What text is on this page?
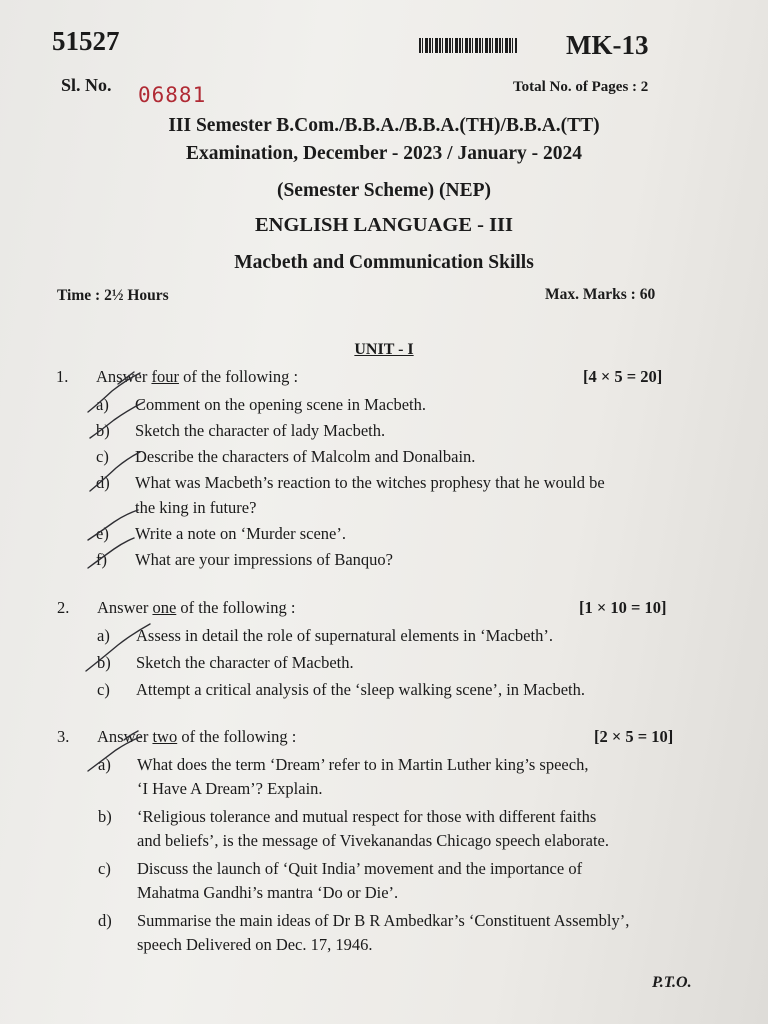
51527	MK-13
Sl. No. 06881	Total No. of Pages : 2
III Semester B.Com./B.B.A./B.B.A.(TH)/B.B.A.(TT)
Examination, December - 2023 / January - 2024
(Semester Scheme) (NEP)
ENGLISH LANGUAGE - III
Macbeth and Communication Skills
Time : 2½ Hours	Max. Marks : 60
UNIT - I
1. Answer four of the following :	[4 × 5 = 20]
a)	Comment on the opening scene in Macbeth.
b)	Sketch the character of lady Macbeth.
c)	Describe the characters of Malcolm and Donalbain.
d)	What was Macbeth’s reaction to the witches prophesy that he would be
the king in future?
e)	Write a note on ‘Murder scene’.
f)	What are your impressions of Banquo?
2. Answer one of the following :	[1 × 10 = 10]
a)	Assess in detail the role of supernatural elements in ‘Macbeth’.
b)	Sketch the character of Macbeth.
c)	Attempt a critical analysis of the ‘sleep walking scene’, in Macbeth.
3. Answer two of the following :	[2 × 5 = 10]
a)	What does the term ‘Dream’ refer to in Martin Luther king’s speech,
‘I Have A Dream’? Explain.
b)	‘Religious tolerance and mutual respect for those with different faiths
and beliefs’, is the message of Vivekanandas Chicago speech elaborate.
c)	Discuss the launch of ‘Quit India’ movement and the importance of
Mahatma Gandhi’s mantra ‘Do or Die’.
d)	Summarise the main ideas of Dr B R Ambedkar’s ‘Constituent Assembly’,
speech Delivered on Dec. 17, 1946.
P.T.O.
